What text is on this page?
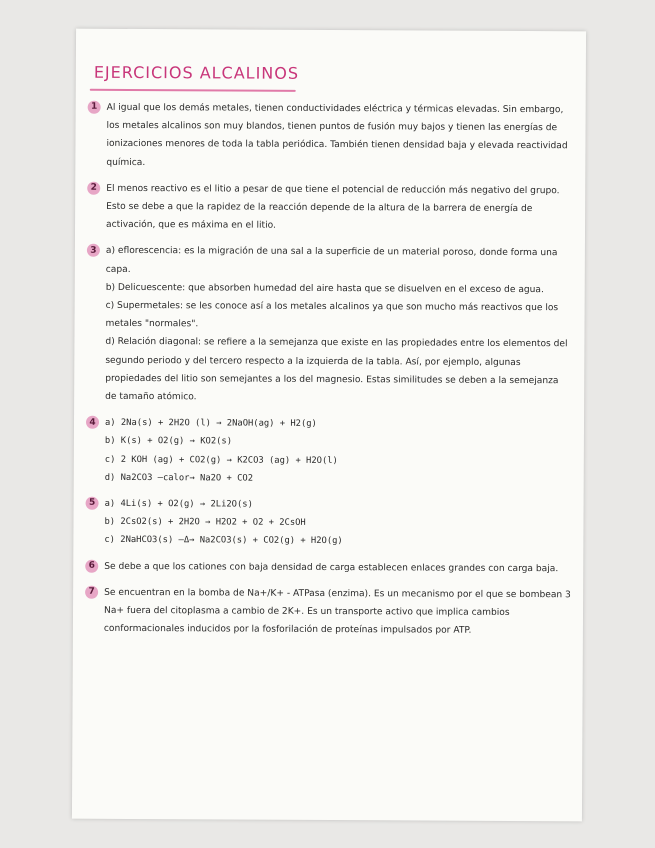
EJERCICIOS ALCALINOS
1	Al igual que los demás metales, tienen conductividades eléctrica y térmicas elevadas. Sin embargo, los metales alcalinos son muy blandos, tienen puntos de fusión muy bajos y tienen las energías de ionizaciones menores de toda la tabla periódica. También tienen densidad baja y elevada reactividad química.

2	El menos reactivo es el litio a pesar de que tiene el potencial de reducción más negativo del grupo. Esto se debe a que la rapidez de la reacción depende de la altura de la barrera de energía de activación, que es máxima en el litio.

3	a) eflorescencia: es la migración de una sal a la superficie de un material poroso, donde forma una capa.

b) Delicuescente: que absorben humedad del aire hasta que se disuelven en el exceso de agua.

c) Supermetales: se les conoce así a los metales alcalinos ya que son mucho más reactivos que los metales "normales".

d) Relación diagonal: se refiere a la semejanza que existe en las propiedades entre los elementos del segundo periodo y del tercero respecto a la izquierda de la tabla. Así, por ejemplo, algunas propiedades del litio son semejantes a los del magnesio. Estas similitudes se deben a la semejanza de tamaño atómico.

4	a) 2Na(s) + 2H2O (l) → 2NaOH(ag) + H2(g)

b) K(s) + O2(g) → KO2(s)

c) 2 KOH (ag) + CO2(g) → K2CO3 (ag) + H2O(l)

d) Na2CO3 —calor→ Na2O + CO2

5	a) 4Li(s) + O2(g) → 2Li2O(s)

b) 2CsO2(s) + 2H2O → H2O2 + O2 + 2CsOH

c) 2NaHCO3(s) —Δ→ Na2CO3(s) + CO2(g) + H2O(g)

6	Se debe a que los cationes con baja densidad de carga establecen enlaces grandes con carga baja.

7	Se encuentran en la bomba de Na+/K+ - ATPasa (enzima). Es un mecanismo por el que se bombean 3 Na+ fuera del citoplasma a cambio de 2K+. Es un transporte activo que implica cambios conformacionales inducidos por la fosforilación de proteínas impulsados por ATP.
